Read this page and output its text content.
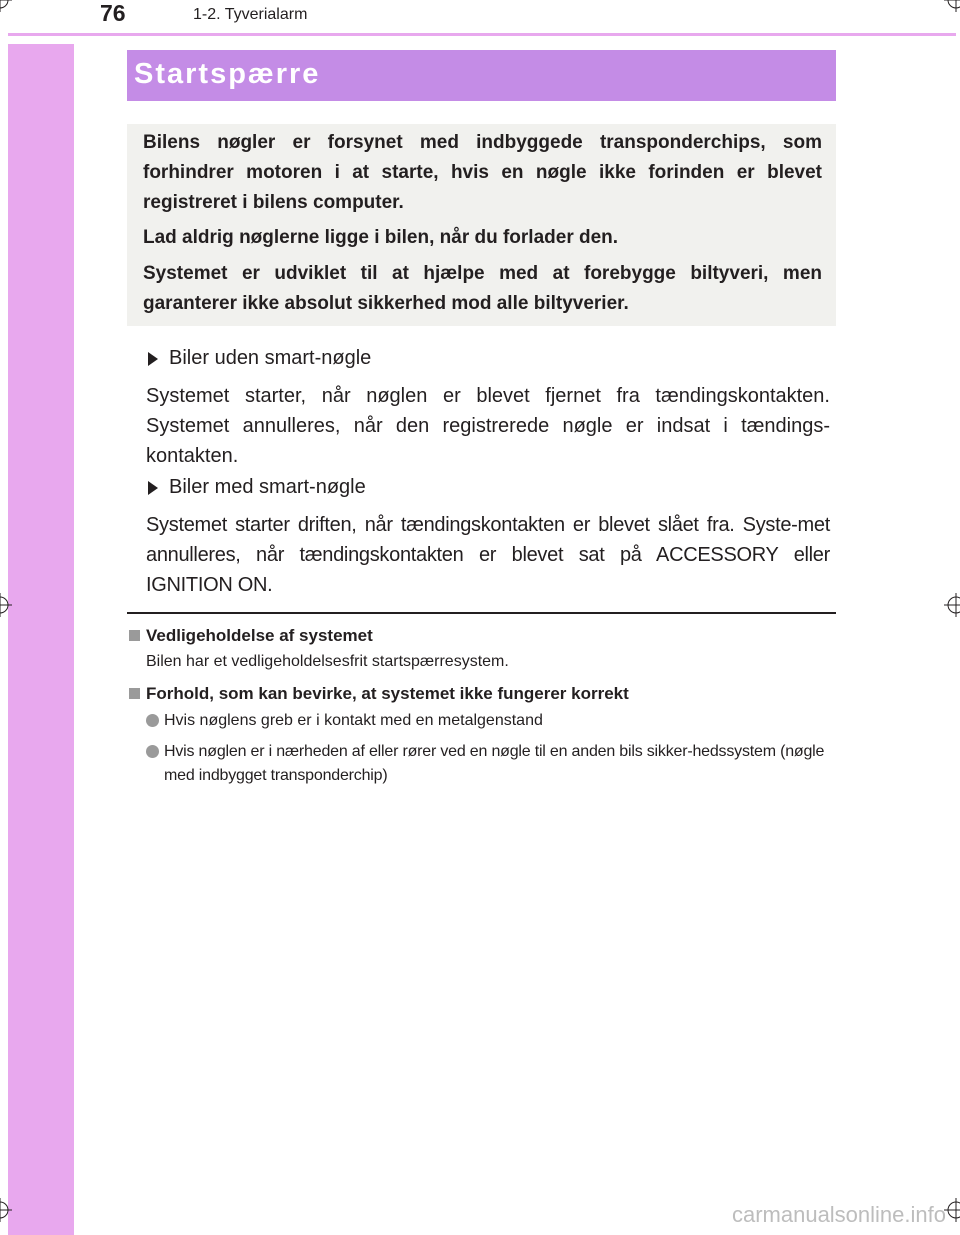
76	1-2. Tyverialarm
Startspærre

Bilens nøgler er forsynet med indbyggede transponderchips, som forhindrer motoren i at starte, hvis en nøgle ikke forinden er blevet registreret i bilens computer.

Lad aldrig nøglerne ligge i bilen, når du forlader den.

Systemet er udviklet til at hjælpe med at forebygge biltyveri, men garanterer ikke absolut sikkerhed mod alle biltyverier.

Biler uden smart-nøgle

Systemet starter, når nøglen er blevet fjernet fra tændingskontakten. Systemet annulleres, når den registrerede nøgle er indsat i tændings-kontakten.

Biler med smart-nøgle

Systemet starter driften, når tændingskontakten er blevet slået fra. Syste-met annulleres, når tændingskontakten er blevet sat på ACCESSORY eller IGNITION ON.

Vedligeholdelse af systemet
Bilen har et vedligeholdelsesfrit startspærresystem.
Forhold, som kan bevirke, at systemet ikke fungerer korrekt

Hvis nøglens greb er i kontakt med en metalgenstand

Hvis nøglen er i nærheden af eller rører ved en nøgle til en anden bils sikker-hedssystem (nøgle med indbygget transponderchip)

carmanualsonline.info
